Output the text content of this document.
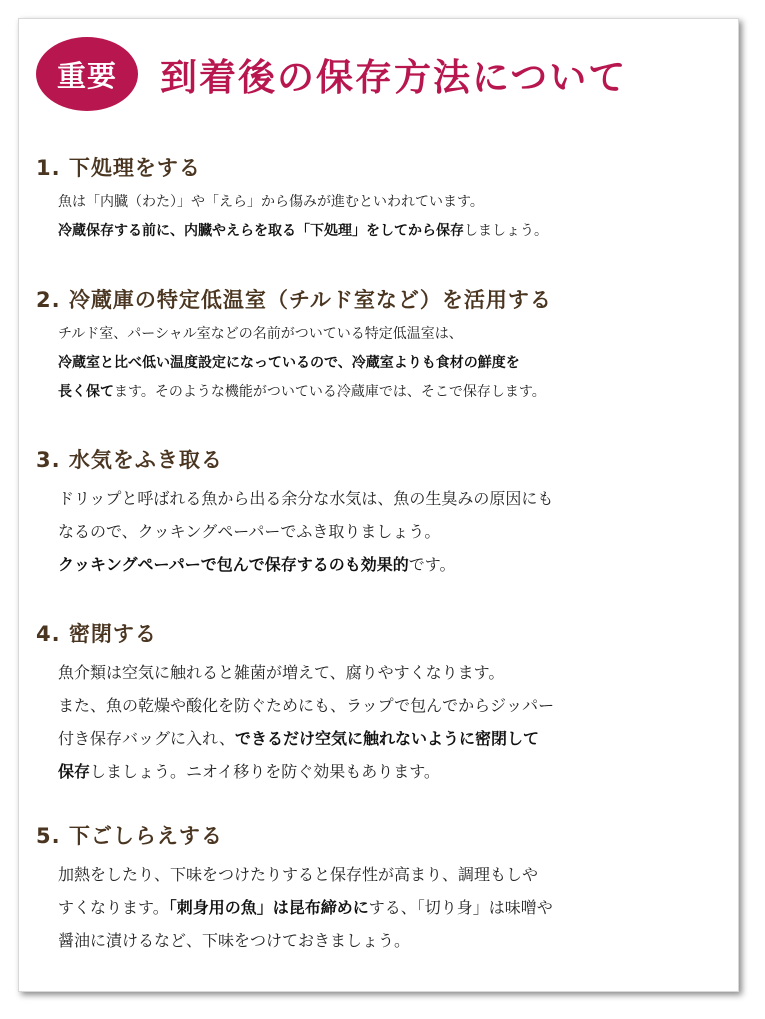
重要	到着後の保存方法について
1. 下処理をする

魚は「内臓（わた）」や「えら」から傷みが進むといわれています。

冷蔵保存する前に、内臓やえらを取る「下処理」をしてから保存しましょう。

2. 冷蔵庫の特定低温室（チルド室など）を活用する

チルド室、パーシャル室などの名前がついている特定低温室は、

冷蔵室と比べ低い温度設定になっているので、冷蔵室よりも食材の鮮度を

長く保てます。そのような機能がついている冷蔵庫では、そこで保存します。

3. 水気をふき取る

ドリップと呼ばれる魚から出る余分な水気は、魚の生臭みの原因にも

なるので、クッキングペーパーでふき取りましょう。

クッキングペーパーで包んで保存するのも効果的です。

4. 密閉する

魚介類は空気に触れると雑菌が増えて、腐りやすくなります。

また、魚の乾燥や酸化を防ぐためにも、ラップで包んでからジッパー

付き保存バッグに入れ、できるだけ空気に触れないように密閉して

保存しましょう。ニオイ移りを防ぐ効果もあります。

5. 下ごしらえする

加熱をしたり、下味をつけたりすると保存性が高まり、調理もしや

すくなります。「刺身用の魚」は昆布締めにする、「切り身」は味噌や

醤油に漬けるなど、下味をつけておきましょう。
